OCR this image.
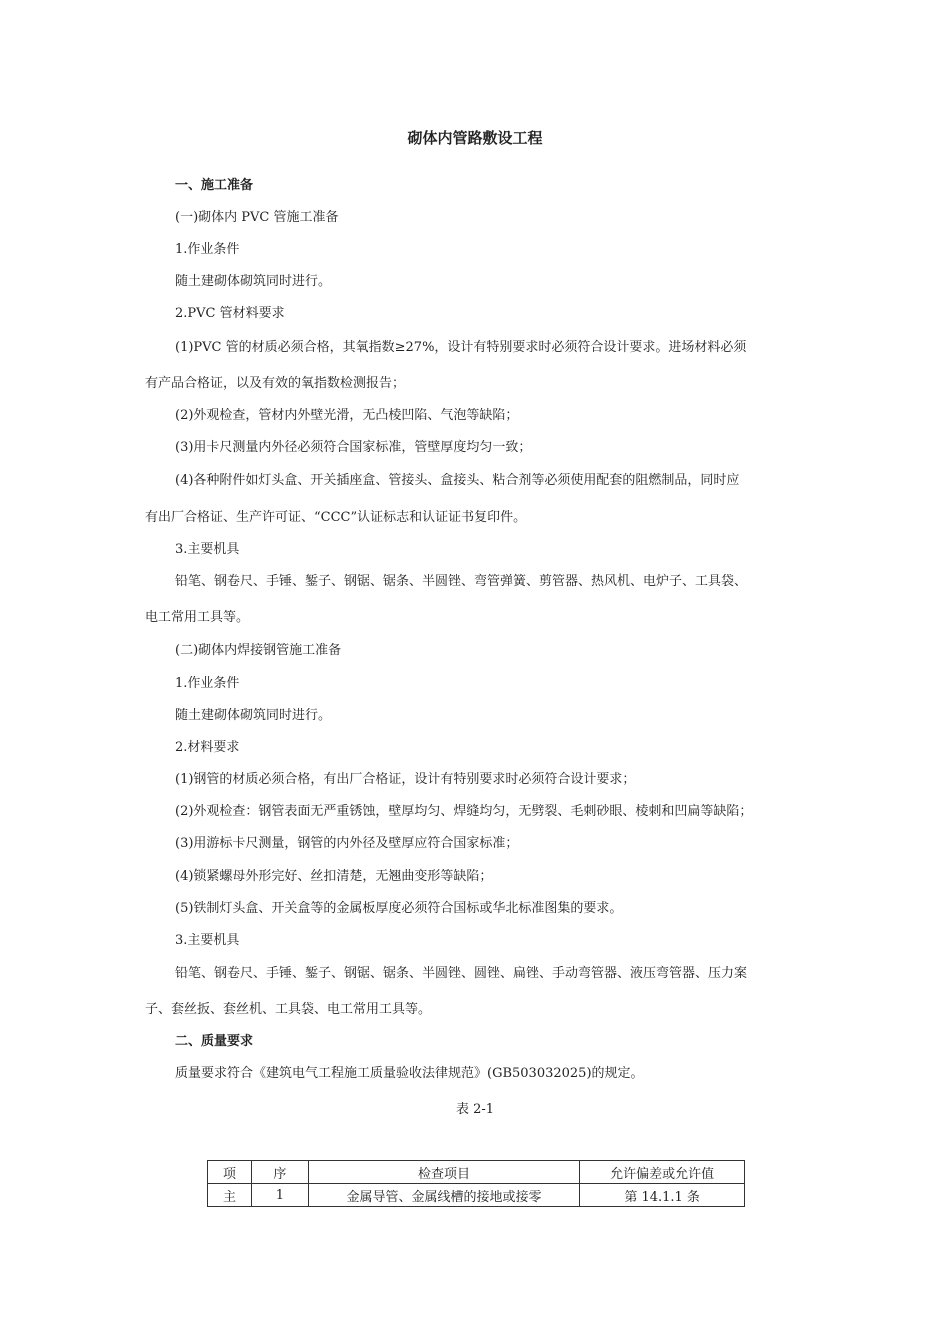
砌体内管路敷设工程
一、施工准备
(一)砌体内 PVC 管施工准备
1.作业条件
随土建砌体砌筑同时进行。
2.PVC 管材料要求
(1)PVC 管的材质必须合格，其氧指数≥27%，设计有特别要求时必须符合设计要求。进场材料必须
有产品合格证，以及有效的氧指数检测报告；
(2)外观检查，管材内外壁光滑，无凸棱凹陷、气泡等缺陷；
(3)用卡尺测量内外径必须符合国家标准，管壁厚度均匀一致；
(4)各种附件如灯头盒、开关插座盒、管接头、盒接头、粘合剂等必须使用配套的阻燃制品，同时应
有出厂合格证、生产许可证、“CCC”认证标志和认证证书复印件。
3.主要机具
铅笔、钢卷尺、手锤、錾子、钢锯、锯条、半圆锉、弯管弹簧、剪管器、热风机、电炉子、工具袋、
电工常用工具等。
(二)砌体内焊接钢管施工准备
1.作业条件
随土建砌体砌筑同时进行。
2.材料要求
(1)钢管的材质必须合格，有出厂合格证，设计有特别要求时必须符合设计要求；
(2)外观检查：钢管表面无严重锈蚀，壁厚均匀、焊缝均匀，无劈裂、毛刺砂眼、棱刺和凹扁等缺陷；
(3)用游标卡尺测量，钢管的内外径及壁厚应符合国家标准；
(4)锁紧螺母外形完好、丝扣清楚，无翘曲变形等缺陷；
(5)铁制灯头盒、开关盒等的金属板厚度必须符合国标或华北标准图集的要求。
3.主要机具
铅笔、钢卷尺、手锤、錾子、钢锯、锯条、半圆锉、圆锉、扁锉、手动弯管器、液压弯管器、压力案
子、套丝扳、套丝机、工具袋、电工常用工具等。
二、质量要求
质量要求符合《建筑电气工程施工质量验收法律规范》(GB503032025)的规定。
表 2-1
项	序	检查项目	允许偏差或允许值
主	1	金属导管、金属线槽的接地或接零	第 14.1.1 条
